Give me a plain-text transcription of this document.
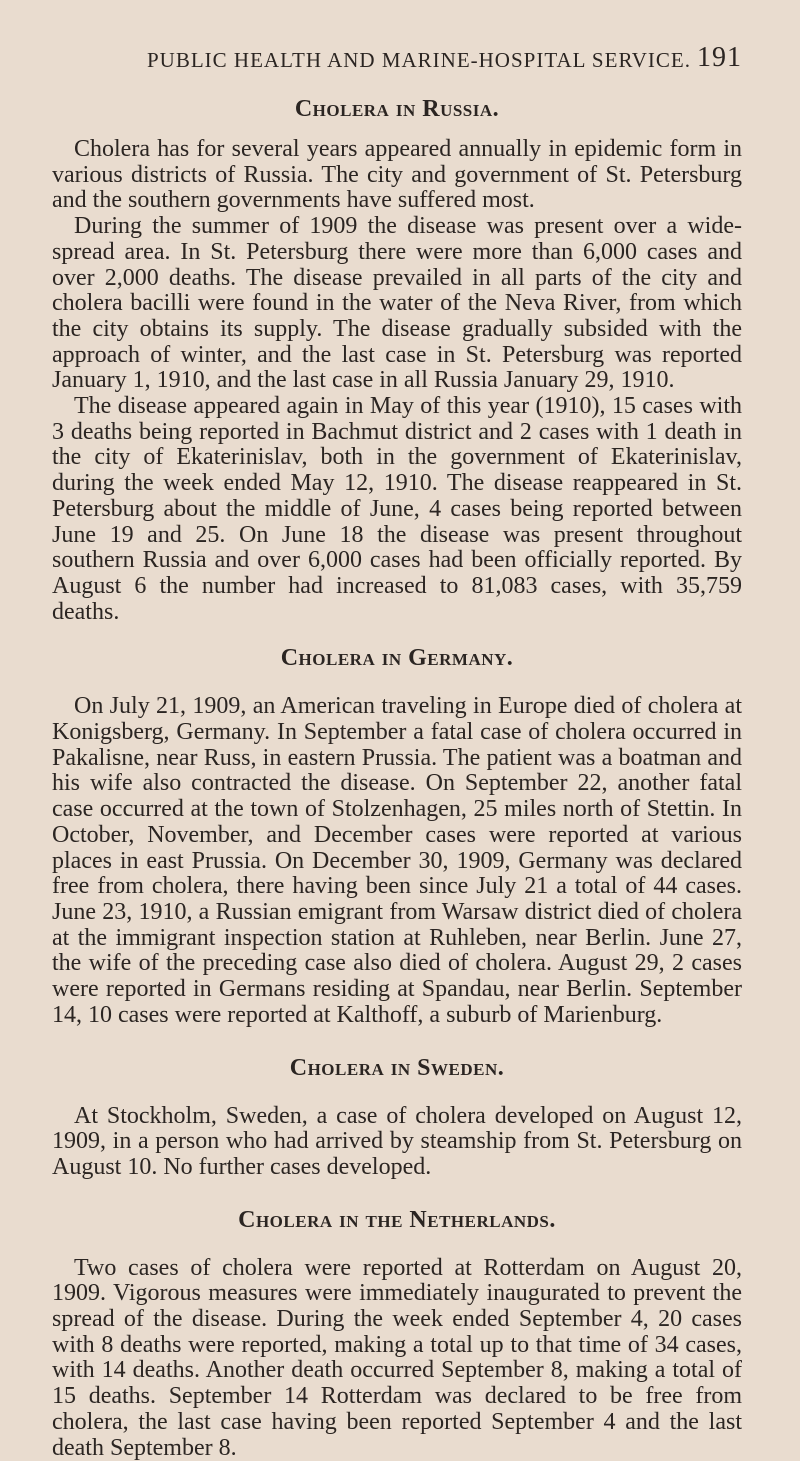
PUBLIC HEALTH AND MARINE-HOSPITAL SERVICE. 191
Cholera in Russia.

Cholera has for several years appeared annually in epidemic form in various districts of Russia. The city and government of St. Petersburg and the southern governments have suffered most.

During the summer of 1909 the disease was present over a wide-spread area. In St. Petersburg there were more than 6,000 cases and over 2,000 deaths. The disease prevailed in all parts of the city and cholera bacilli were found in the water of the Neva River, from which the city obtains its supply. The disease gradually subsided with the approach of winter, and the last case in St. Petersburg was reported January 1, 1910, and the last case in all Russia January 29, 1910.

The disease appeared again in May of this year (1910), 15 cases with 3 deaths being reported in Bachmut district and 2 cases with 1 death in the city of Ekaterinislav, both in the government of Ekaterinislav, during the week ended May 12, 1910. The disease reappeared in St. Petersburg about the middle of June, 4 cases being reported between June 19 and 25. On June 18 the disease was present throughout southern Russia and over 6,000 cases had been officially reported. By August 6 the number had increased to 81,083 cases, with 35,759 deaths.

Cholera in Germany.

On July 21, 1909, an American traveling in Europe died of cholera at Konigsberg, Germany. In September a fatal case of cholera occurred in Pakalisne, near Russ, in eastern Prussia. The patient was a boatman and his wife also contracted the disease. On September 22, another fatal case occurred at the town of Stolzenhagen, 25 miles north of Stettin. In October, November, and December cases were reported at various places in east Prussia. On December 30, 1909, Germany was declared free from cholera, there having been since July 21 a total of 44 cases. June 23, 1910, a Russian emigrant from Warsaw district died of cholera at the immigrant inspection station at Ruhleben, near Berlin. June 27, the wife of the preceding case also died of cholera. August 29, 2 cases were reported in Germans residing at Spandau, near Berlin. September 14, 10 cases were reported at Kalthoff, a suburb of Marienburg.

Cholera in Sweden.

At Stockholm, Sweden, a case of cholera developed on August 12, 1909, in a person who had arrived by steamship from St. Petersburg on August 10. No further cases developed.

Cholera in the Netherlands.

Two cases of cholera were reported at Rotterdam on August 20, 1909. Vigorous measures were immediately inaugurated to prevent the spread of the disease. During the week ended September 4, 20 cases with 8 deaths were reported, making a total up to that time of 34 cases, with 14 deaths. Another death occurred September 8, making a total of 15 deaths. September 14 Rotterdam was declared to be free from cholera, the last case having been reported September 4 and the last death September 8.
